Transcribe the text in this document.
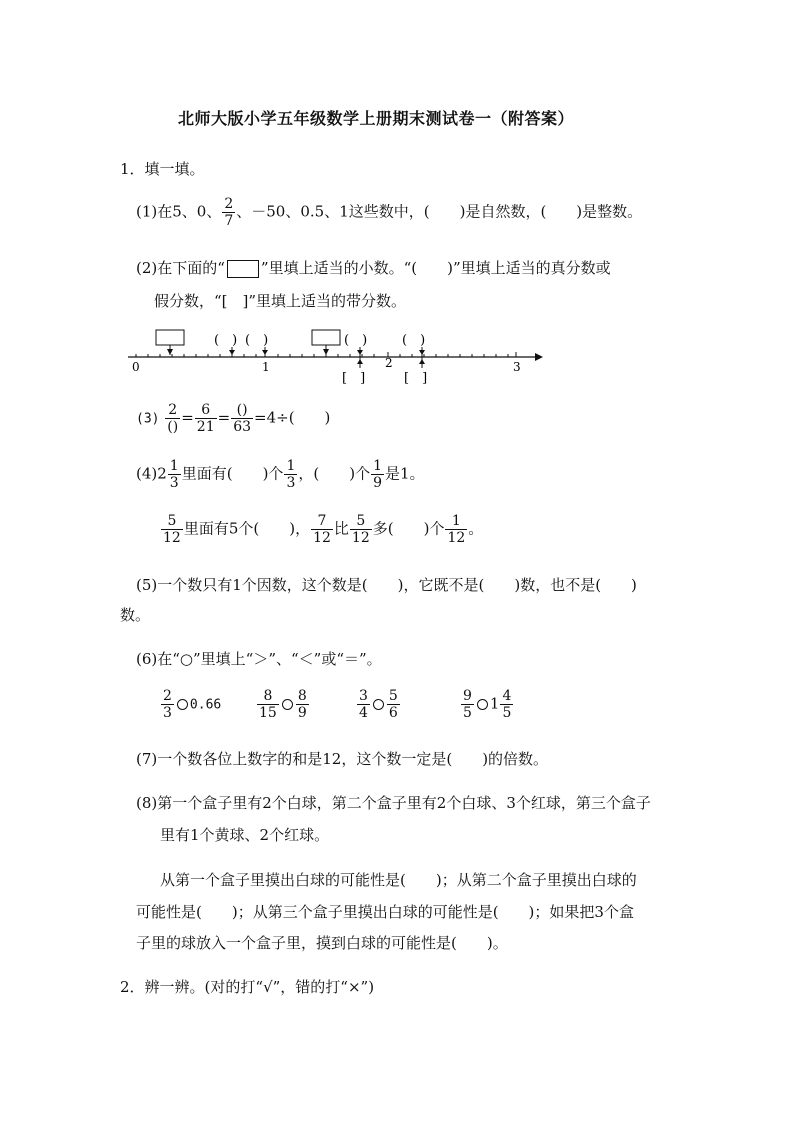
北师大版小学五年级数学上册期末测试卷一（附答案）
1．填一填。
(1)在5、0、 $\frac{2}{7}$ 、－50、0.5、1这些数中，(　　)是自然数，(　　)是整数。
(2)在下面的“ ”里填上适当的小数。“(　　)”里填上适当的真分数或
假分数，“[　]”里填上适当的带分数。
(　) (　)	(　)	(　)
[　]	[　]
0	1	2	3
$(3) \frac{2}{()} = \frac{6}{21} = \frac{()}{63} =4\div$(　　)
$(4)2 \frac{1}{3}$ 里面有(　　)个 $\frac{1}{3}$ ，(　　)个 $\frac{1}{9}$ 是1。
$\frac{5}{12}$ 里面有5个(　　)， $\frac{7}{12}$ 比 $\frac{5}{12}$ 多(　　)个 $\frac{1}{12}$ 。
(5)一个数只有1个因数，这个数是(　　)，它既不是(　　)数，也不是(　　)
数。
(6)在“○”里填上“＞”、“＜”或“＝”。
$\frac{2}{3} 0.66$	$\frac{8}{15} \frac{8}{9}$	$\frac{3}{4} \frac{5}{6}$	$\frac{9}{5} 1 \frac{4}{5}$
(7)一个数各位上数字的和是12，这个数一定是(　　)的倍数。
(8)第一个盒子里有2个白球，第二个盒子里有2个白球、3个红球，第三个盒子
里有1个黄球、2个红球。
从第一个盒子里摸出白球的可能性是(　　)；从第二个盒子里摸出白球的
可能性是(　　)；从第三个盒子里摸出白球的可能性是(　　)；如果把3个盒
子里的球放入一个盒子里，摸到白球的可能性是(　　)。
2．辨一辨。(对的打“√”，错的打“×”)
